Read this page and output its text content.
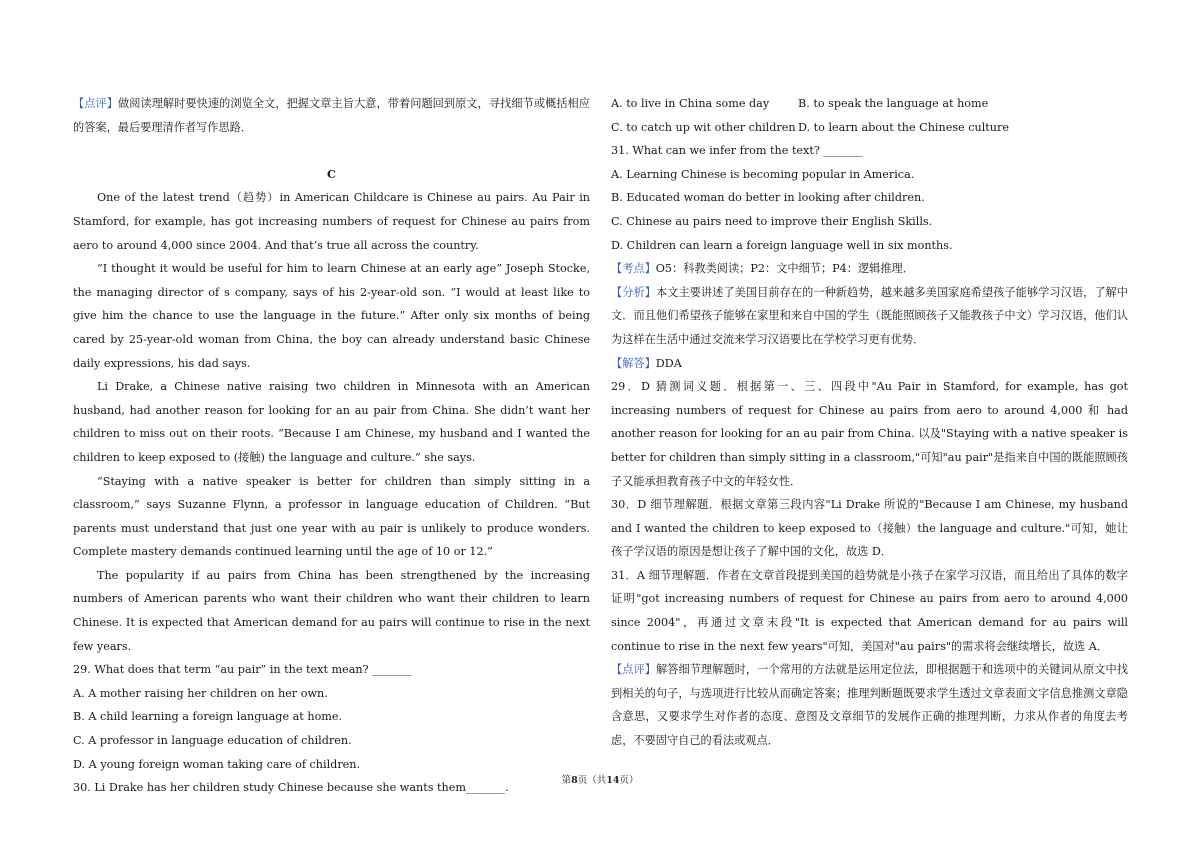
【点评】做阅读理解时要快速的浏览全文，把握文章主旨大意，带着问题回到原文，寻找细节或概括相应的答案，最后要理清作者写作思路．

C

One of the latest trend（趋势）in American Childcare is Chinese au pairs. Au Pair in Stamford, for example, has got increasing numbers of request for Chinese au pairs from aero to around 4,000 since 2004. And that’s true all across the country.

“I thought it would be useful for him to learn Chinese at an early age” Joseph Stocke, the managing director of s company, says of his 2-year-old son. “I would at least like to give him the chance to use the language in the future.” After only six months of being cared by 25-year-old woman from China, the boy can already understand basic Chinese daily expressions, his dad says.

Li Drake, a Chinese native raising two children in Minnesota with an American husband, had another reason for looking for an au pair from China. She didn’t want her children to miss out on their roots. “Because I am Chinese, my husband and I wanted the children to keep exposed to (接触) the language and culture.” she says.

“Staying with a native speaker is better for children than simply sitting in a classroom,” says Suzanne Flynn, a professor in language education of Children. “But parents must understand that just one year with au pair is unlikely to produce wonders.　Complete mastery demands continued learning until the age of 10 or 12.”

The popularity if au pairs from China has been strengthened by the increasing numbers of American parents who want their children who want their children to learn Chinese. It is expected that American demand for au pairs will continue to rise in the next few years.

29. What does that term “au pair” in the text mean? _______

A. A mother raising her children on her own.

B. A child learning a foreign language at home.

C. A professor in language education of children.

D. A young foreign woman taking care of children.

30. Li Drake has her children study Chinese because she wants them_______.

A. to live in China some day	B. to speak the language at home
C. to catch up wit other children D. to learn about the Chinese culture

31. What can we infer from the text? _______

A. Learning Chinese is becoming popular in America.

B. Educated woman do better in looking after children.

C. Chinese au pairs need to improve their English Skills.

D. Children can learn a foreign language well in six months.

【考点】O5：科教类阅读；P2：文中细节；P4：逻辑推理．

【分析】本文主要讲述了美国目前存在的一种新趋势，越来越多美国家庭希望孩子能够学习汉语，了解中文．而且他们希望孩子能够在家里和来自中国的学生（既能照顾孩子又能教孩子中文）学习汉语，他们认为这样在生活中通过交流来学习汉语要比在学校学习更有优势．

【解答】DDA

29．D 猜测词义题．根据第一、三、四段中"Au Pair in Stamford, for example, has got increasing numbers of request for Chinese au pairs from aero to around 4,000 和 had another reason for looking for an au pair from China. 以及"Staying with a native speaker is better for children than simply sitting in a classroom,"可知"au pair"是指来自中国的既能照顾孩子又能承担教育孩子中文的年轻女性．

30．D 细节理解题．根据文章第三段内容"Li Drake 所说的"Because I am Chinese, my husband and I wanted the children to keep exposed to（接触）the language and culture."可知，她让孩子学汉语的原因是想让孩子了解中国的文化，故选 D．

31．A 细节理解题．作者在文章首段提到美国的趋势就是小孩子在家学习汉语，而且给出了具体的数字证明"got increasing numbers of request for Chinese au pairs from aero to around 4,000 since 2004"，再通过文章末段"It is expected that American demand for au pairs will continue to rise in the next few years"可知，美国对"au pairs"的需求将会继续增长，故选 A．

【点评】解答细节理解题时，一个常用的方法就是运用定位法，即根据题干和选项中的关键词从原文中找到相关的句子，与选项进行比较从而确定答案；推理判断题既要求学生透过文章表面文字信息推测文章隐含意思，又要求学生对作者的态度、意图及文章细节的发展作正确的推理判断，力求从作者的角度去考虑，不要固守自己的看法或观点．

第8页（共14页）
